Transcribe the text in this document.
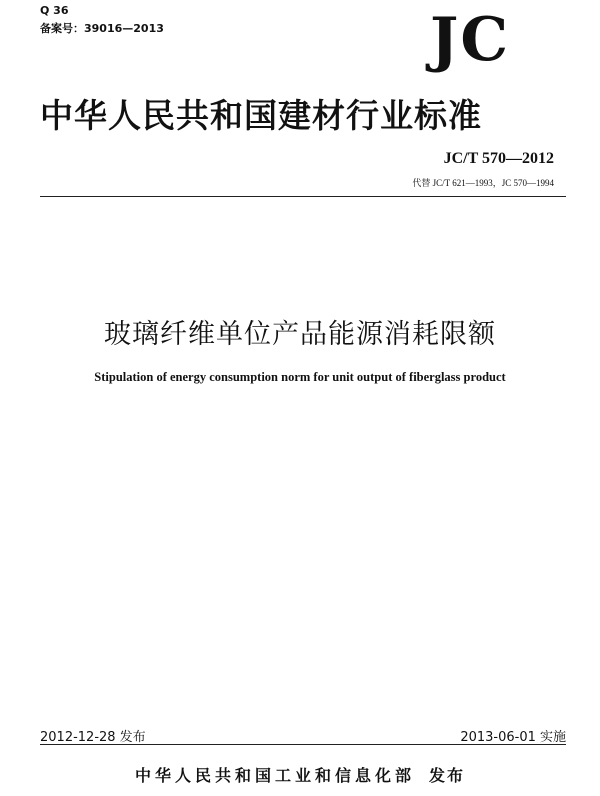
Q 36
备案号：39016—2013	JC
中华人民共和国建材行业标准
JC/T 570—2012
代替 JC/T 621—1993，JC 570—1994
玻璃纤维单位产品能源消耗限额
Stipulation of energy consumption norm for unit output of fiberglass product
2012-12-28 发布	2013-06-01 实施
中华人民共和国工业和信息化部 发布
